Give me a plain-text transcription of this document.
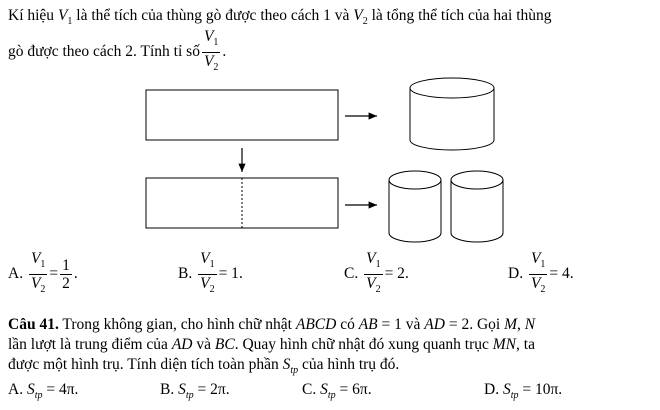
Kí hiệu $V_1$ là thể tích của thùng gò được theo cách 1 và $V_2$ là tổng thể tích của hai thùng
gò được theo cách 2. Tính tỉ số $\frac{V_1}{V_2}$ .
A.
$\frac{V_1}{V_2} = \frac{1}{2}$ .	B.
$\frac{V_1}{V_2} = 1$ .	C.
$\frac{V_1}{V_2} = 2$ .	D.
$\frac{V_1}{V_2} = 4$ .
Câu 41. Trong không gian, cho hình chữ nhật ABCD có AB = 1 và AD = 2. Gọi M, N
lần lượt là trung điểm của AD và BC. Quay hình chữ nhật đó xung quanh trục MN, ta
được một hình trụ. Tính diện tích toàn phần $S_{tp}$ của hình trụ đó.
A. $S_{tp} = 4\pi$.	B. $S_{tp} = 2\pi$.	C. $S_{tp} = 6\pi$.	D. $S_{tp} = 10\pi$.
